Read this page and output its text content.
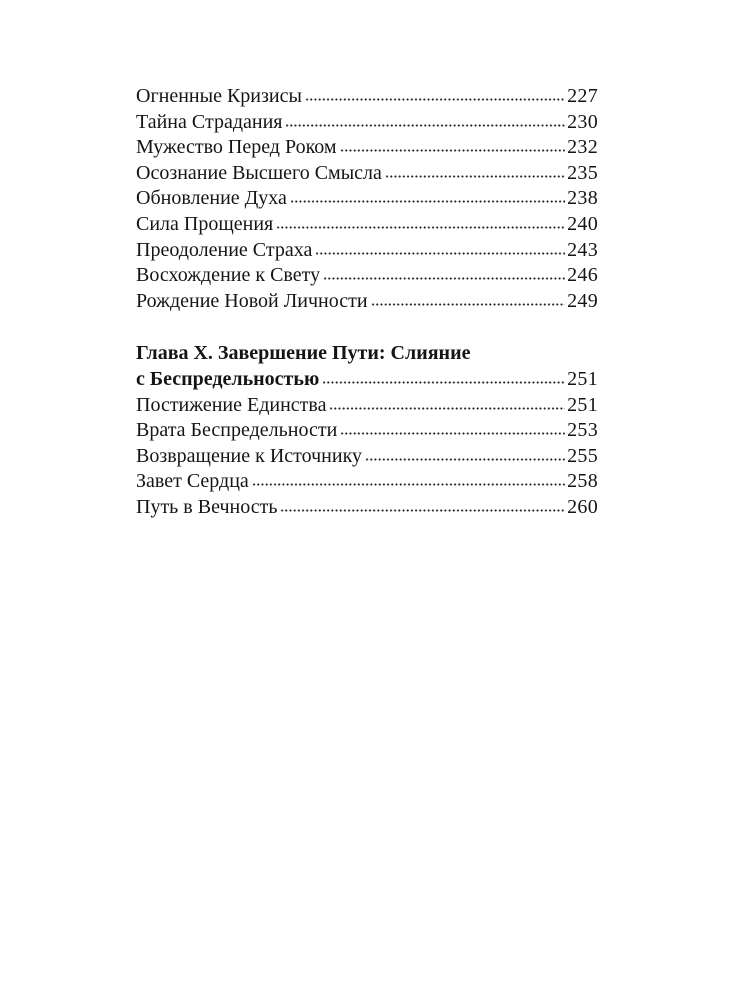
Огненные Кризисы	227
Тайна Страдания	230
Мужество Перед Роком	232
Осознание Высшего Смысла	235
Обновление Духа	238
Сила Прощения	240
Преодоление Страха	243
Восхождение к Свету	246
Рождение Новой Личности	249
Глава X. Завершение Пути: Слияние
с Беспредельностью	251
Постижение Единства	251
Врата Беспредельности	253
Возвращение к Источнику	255
Завет Сердца	258
Путь в Вечность	260
